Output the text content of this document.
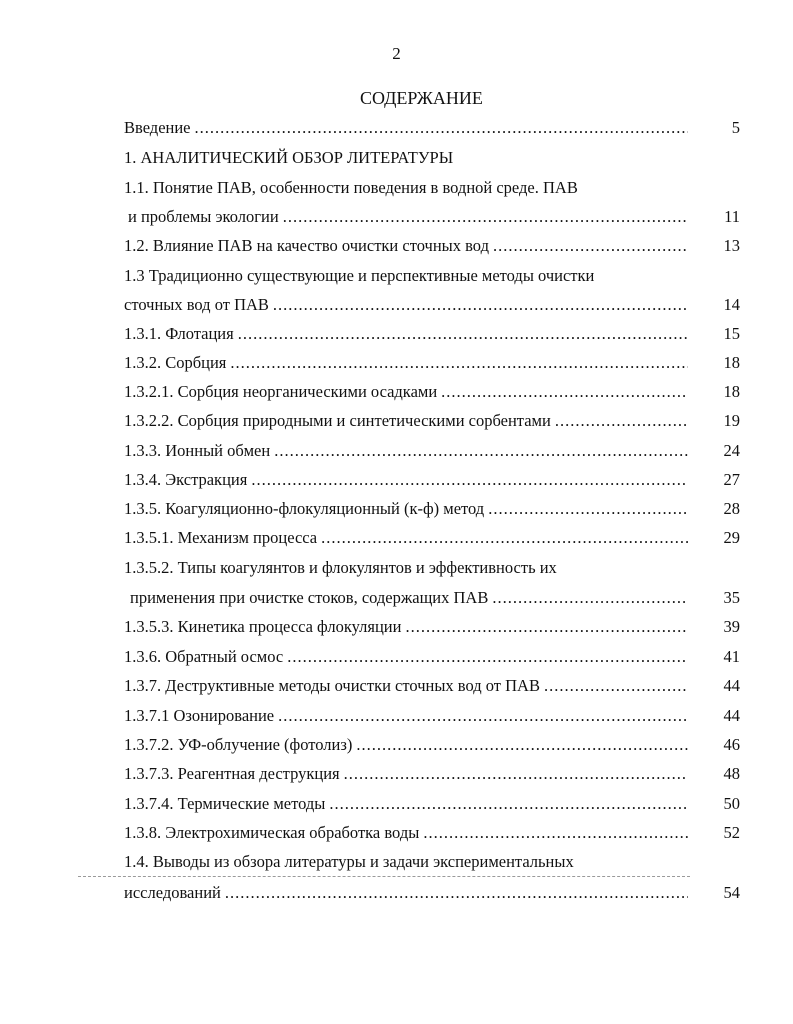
2
СОДЕРЖАНИЕ
Введение .....	5
1. АНАЛИТИЧЕСКИЙ ОБЗОР ЛИТЕРАТУРЫ
1.1. Понятие ПАВ, особенности поведения в водной среде. ПАВ
и проблемы экологии .....	11
1.2. Влияние ПАВ на качество очистки сточных вод .....	13
1.3 Традиционно существующие и перспективные методы очистки
сточных вод от ПАВ .....	14
1.3.1. Флотация .....	15
1.3.2. Сорбция .....	18
1.3.2.1. Сорбция неорганическими осадками .....	18
1.3.2.2. Сорбция природными и синтетическими сорбентами .....	19
1.3.3. Ионный обмен .....	24
1.3.4. Экстракция .....	27
1.3.5. Коагуляционно-флокуляционный (к-ф) метод .....	28
1.3.5.1. Механизм процесса .....	29
1.3.5.2. Типы коагулянтов и флокулянтов и эффективность их
применения при очистке стоков, содержащих ПАВ .....	35
1.3.5.3. Кинетика процесса флокуляции .....	39
1.3.6. Обратный осмос .....	41
1.3.7. Деструктивные методы очистки сточных вод от ПАВ .....	44
1.3.7.1 Озонирование .....	44
1.3.7.2. УФ-облучение (фотолиз) .....	46
1.3.7.3. Реагентная деструкция .....	48
1.3.7.4. Термические методы .....	50
1.3.8. Электрохимическая обработка воды .....	52
1.4. Выводы из обзора литературы и задачи экспериментальных
исследований .....	54
